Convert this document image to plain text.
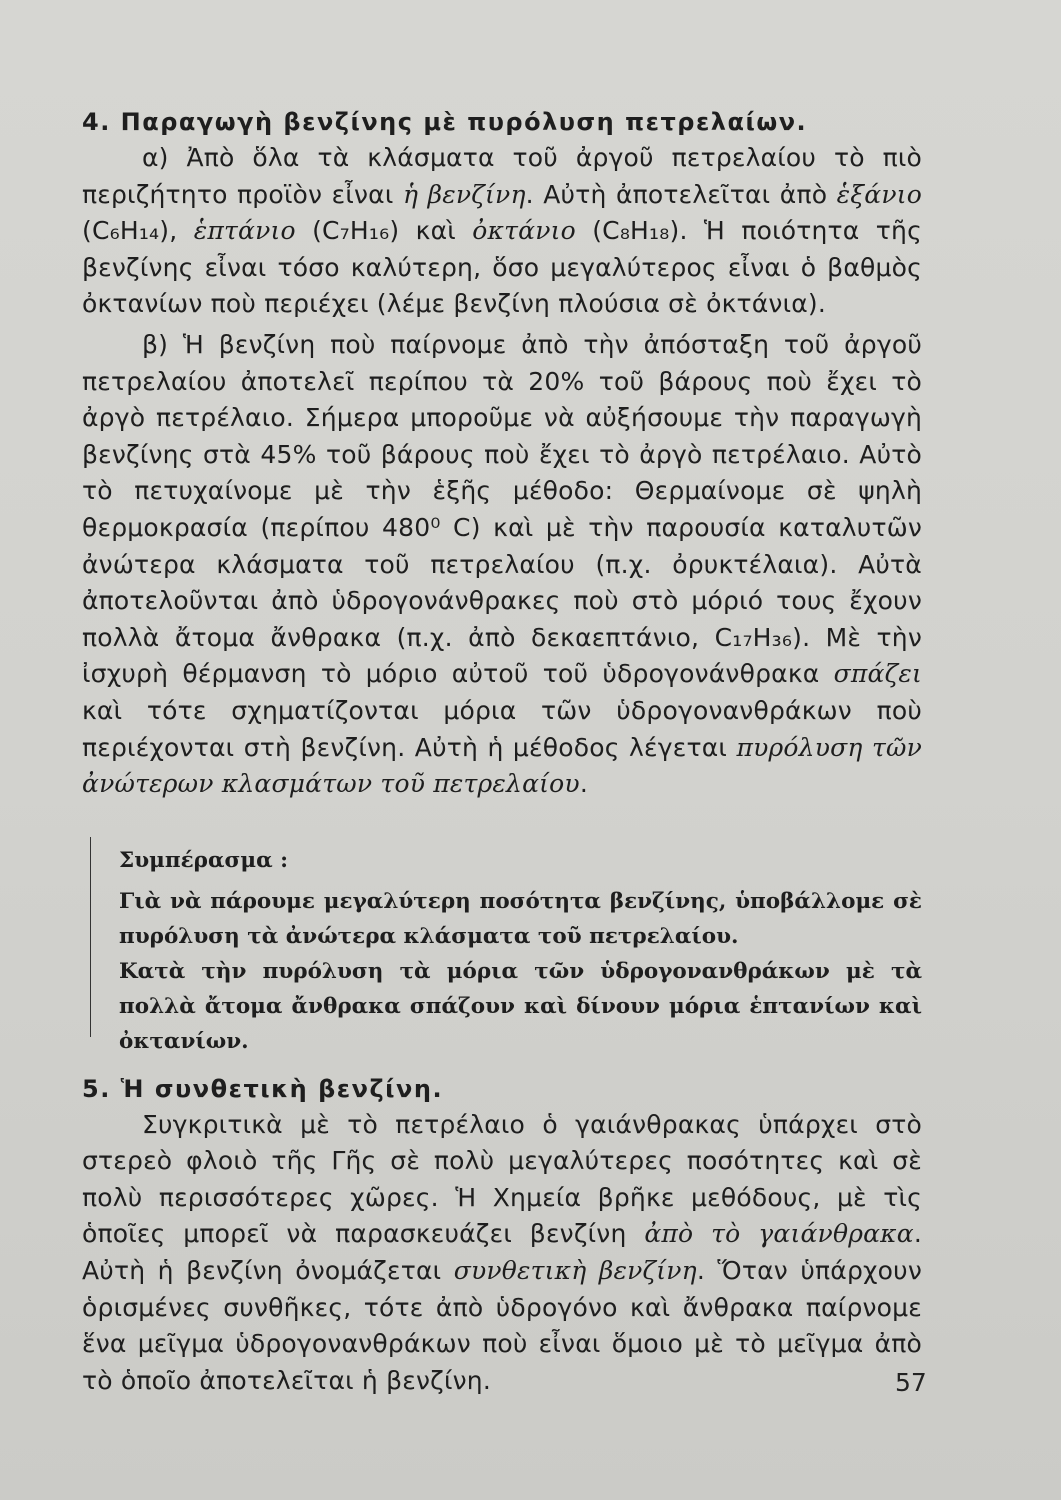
4. Παραγωγὴ βενζίνης μὲ πυρόλυση πετρελαίων.

α) Ἀπὸ ὅλα τὰ κλάσματα τοῦ ἀργοῦ πετρελαίου τὸ πιὸ περιζήτητο προϊὸν εἶναι ἡ βενζίνη. Αὐτὴ ἀποτελεῖται ἀπὸ ἑξάνιο (C₆H₁₄), ἑπτάνιο (C₇H₁₆) καὶ ὀκτάνιο (C₈H₁₈). Ἡ ποιότητα τῆς βενζίνης εἶναι τόσο καλύτερη, ὅσο μεγαλύτερος εἶναι ὁ βαθμὸς ὀκτανίων ποὺ περιέχει (λέμε βενζίνη πλούσια σὲ ὀκτάνια).

β) Ἡ βενζίνη ποὺ παίρνομε ἀπὸ τὴν ἀπόσταξη τοῦ ἀργοῦ πετρελαίου ἀποτελεῖ περίπου τὰ 20% τοῦ βάρους ποὺ ἔχει τὸ ἀργὸ πετρέλαιο. Σήμερα μποροῦμε νὰ αὐξήσουμε τὴν παραγωγὴ βενζίνης στὰ 45% τοῦ βάρους ποὺ ἔχει τὸ ἀργὸ πετρέλαιο. Αὐτὸ τὸ πετυχαίνομε μὲ τὴν ἑξῆς μέθοδο: Θερμαίνομε σὲ ψηλὴ θερμοκρασία (περίπου 480⁰ C) καὶ μὲ τὴν παρουσία καταλυτῶν ἀνώτερα κλάσματα τοῦ πετρελαίου (π.χ. ὀρυκτέλαια). Αὐτὰ ἀποτελοῦνται ἀπὸ ὑδρογονάνθρακες ποὺ στὸ μόριό τους ἔχουν πολλὰ ἄτομα ἄνθρακα (π.χ. ἀπὸ δεκαεπτάνιο, C₁₇H₃₆). Μὲ τὴν ἰσχυρὴ θέρμανση τὸ μόριο αὐτοῦ τοῦ ὑδρογονάνθρακα σπάζει καὶ τότε σχηματίζονται μόρια τῶν ὑδρογονανθράκων ποὺ περιέχονται στὴ βενζίνη. Αὐτὴ ἡ μέθοδος λέγεται πυρόλυση τῶν ἀνώτερων κλασμάτων τοῦ πετρελαίου.

Συμπέρασμα :

Γιὰ νὰ πάρουμε μεγαλύτερη ποσότητα βενζίνης, ὑποβάλλομε σὲ πυρόλυση τὰ ἀνώτερα κλάσματα τοῦ πετρελαίου.

Κατὰ τὴν πυρόλυση τὰ μόρια τῶν ὑδρογονανθράκων μὲ τὰ πολλὰ ἄτομα ἄνθρακα σπάζουν καὶ δίνουν μόρια ἑπτανίων καὶ ὀκτανίων.

5. Ἡ συνθετικὴ βενζίνη.

Συγκριτικὰ μὲ τὸ πετρέλαιο ὁ γαιάνθρακας ὑπάρχει στὸ στερεὸ φλοιὸ τῆς Γῆς σὲ πολὺ μεγαλύτερες ποσότητες καὶ σὲ πολὺ περισσότερες χῶρες. Ἡ Χημεία βρῆκε μεθόδους, μὲ τὶς ὁποῖες μπορεῖ νὰ παρασκευάζει βενζίνη ἀπὸ τὸ γαιάνθρακα. Αὐτὴ ἡ βενζίνη ὀνομάζεται συνθετικὴ βενζίνη. Ὅταν ὑπάρχουν ὁρισμένες συνθῆκες, τότε ἀπὸ ὑδρογόνο καὶ ἄνθρακα παίρνομε ἕνα μεῖγμα ὑδρογονανθράκων ποὺ εἶναι ὅμοιο μὲ τὸ μεῖγμα ἀπὸ τὸ ὁποῖο ἀποτελεῖται ἡ βενζίνη.	57
